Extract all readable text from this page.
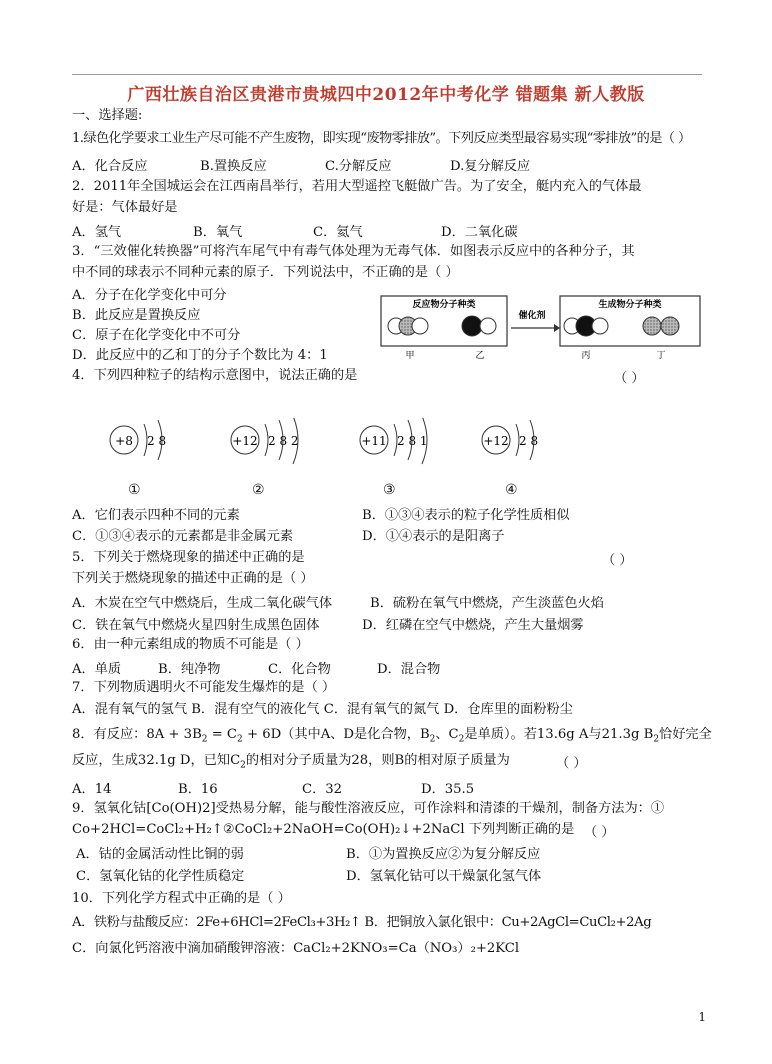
广西壮族自治区贵港市贵城四中2012年中考化学 错题集 新人教版
一、选择题:
1.绿色化学要求工业生产尽可能不产生废物，即实现“废物零排放”。下列反应类型最容易实现“零排放”的是（ ）
A．化合反应	B.置换反应	C.分解反应	D.复分解反应
2．2011年全国城运会在江西南昌举行，若用大型遥控飞艇做广告。为了安全，艇内充入的气体最
好是：气体最好是
A．氢气	B．氧气	C．氦气	D．二氧化碳
3．“三效催化转换器”可将汽车尾气中有毒气体处理为无毒气体．如图表示反应中的各种分子，其
中不同的球表示不同种元素的原子．下列说法中，不正确的是（ ）
A．分子在化学变化中可分
B．此反应是置换反应
C．原子在化学变化中不可分
D．此反应中的乙和丁的分子个数比为 4：1
反应物分子种类	生成物分子种类
催化剂
甲	乙	丙	丁
4．下列四种粒子的结构示意图中，说法正确的是	（ ）
+8 2 8	+12 2 8 2	+11 2 8 1	+12 2 8
①	②	③	④
A．它们表示四种不同的元素	B．①③④表示的粒子化学性质相似
C．①③④表示的元素都是非金属元素	D．①④表示的是阳离子
5．下列关于燃烧现象的描述中正确的是	（ ）
下列关于燃烧现象的描述中正确的是（ ）
A．木炭在空气中燃烧后，生成二氧化碳气体	B．硫粉在氧气中燃烧，产生淡蓝色火焰
C．铁在氧气中燃烧火星四射生成黑色固体	D．红磷在空气中燃烧，产生大量烟雾
6．由一种元素组成的物质不可能是（ ）
A．单质	B．纯净物	C．化合物	D．混合物
7．下列物质遇明火不可能发生爆炸的是（ ）
A．混有氧气的氢气 B．混有空气的液化气 C．混有氧气的氮气 D．仓库里的面粉粉尘
8．有反应：$8A + 3B_2 = C_2 + 6D$（其中A、D是化合物，$B_2$、$C_2$是单质）。若13.6g A与21.3g $B_2$恰好完全
反应，生成32.1g D，已知$C_2$的相对分子质量为28，则B的相对原子质量为	（ ）
A．14	B．16	C．32	D．35.5
9．氢氧化钴[Co(OH)2]受热易分解，能与酸性溶液反应，可作涂料和清漆的干燥剂，制备方法为：①
Co+2HCl=CoCl₂+H₂↑②CoCl₂+2NaOH=Co(OH)₂↓+2NaCl 下列判断正确的是 （ ）
A．钴的金属活动性比铜的弱	B．①为置换反应②为复分解反应
C．氢氧化钴的化学性质稳定	D．氢氧化钴可以干燥氯化氢气体
10．下列化学方程式中正确的是（ ）
A．铁粉与盐酸反应：2Fe+6HCl=2FeCl₃+3H₂↑ B．把铜放入氯化银中：Cu+2AgCl=CuCl₂+2Ag
C．向氯化钙溶液中滴加硝酸钾溶液：CaCl₂+2KNO₃=Ca（NO₃）₂+2KCl
1
